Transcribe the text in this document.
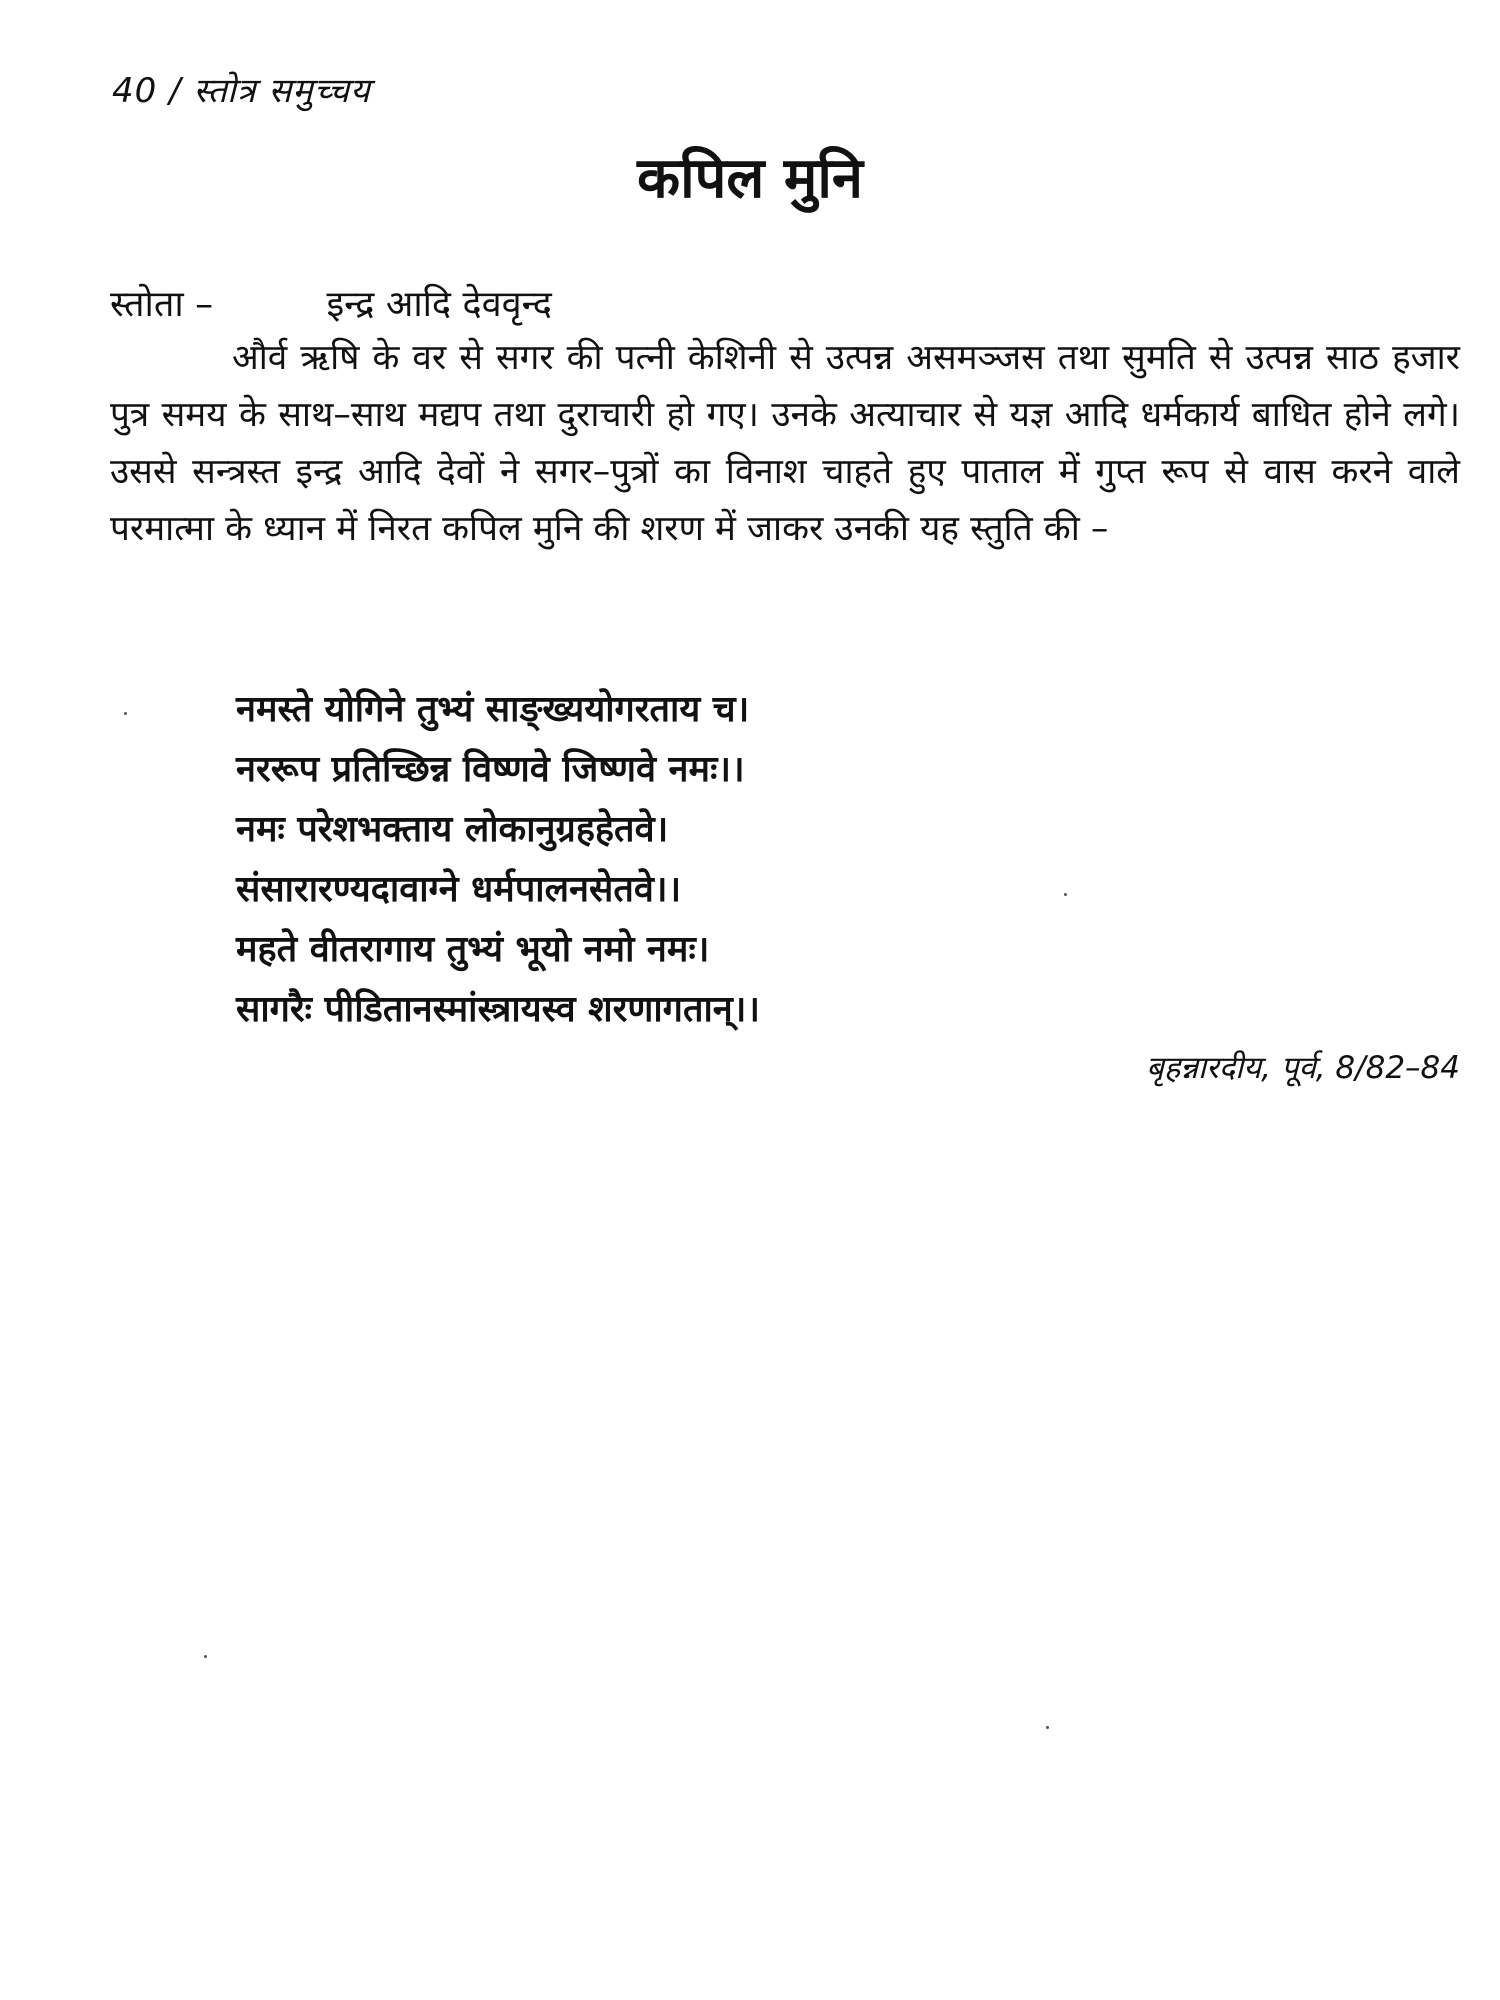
40 / स्तोत्र समुच्चय
कपिल मुनि
स्तोता –	इन्द्र आदि देववृन्द

और्व ऋषि के वर से सगर की पत्नी केशिनी से उत्पन्न असमञ्जस तथा सुमति से उत्पन्न साठ हजार पुत्र समय के साथ–साथ मद्यप तथा दुराचारी हो गए। उनके अत्याचार से यज्ञ आदि धर्मकार्य बाधित होने लगे। उससे सन्त्रस्त इन्द्र आदि देवों ने सगर–पुत्रों का विनाश चाहते हुए पाताल में गुप्त रूप से वास करने वाले परमात्मा के ध्यान में निरत कपिल मुनि की शरण में जाकर उनकी यह स्तुति की –

नमस्ते योगिने तुभ्यं साङ्ख्ययोगरताय च।
नररूप प्रतिच्छिन्न विष्णवे जिष्णवे नमः।।
नमः परेशभक्ताय लोकानुग्रहहेतवे।
संसारारण्यदावाग्ने धर्मपालनसेतवे।।
महते वीतरागाय तुभ्यं भूयो नमो नमः।
सागरैः पीडितानस्मांस्त्रायस्व शरणागतान्।।
बृहन्नारदीय, पूर्व, 8/82–84
